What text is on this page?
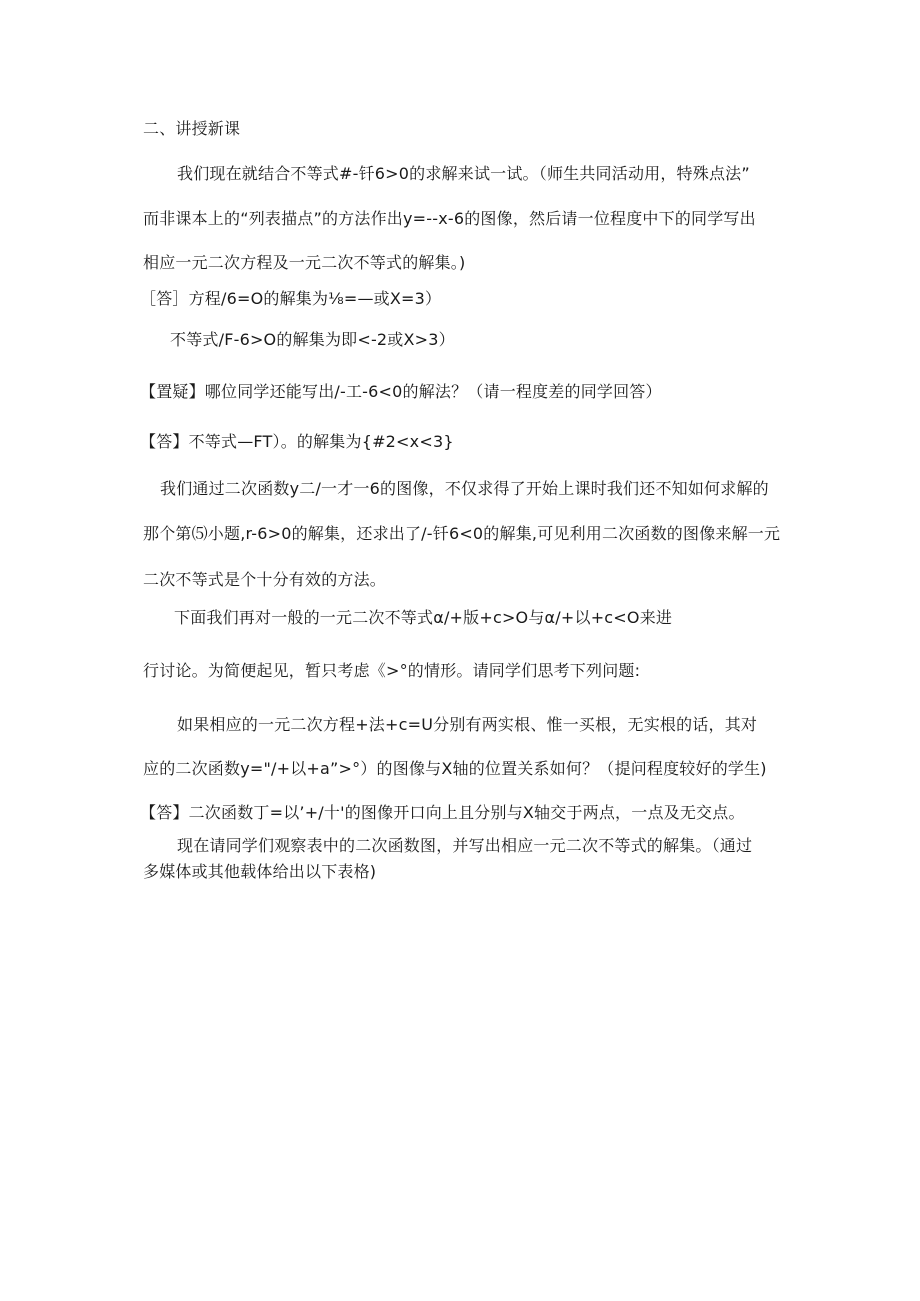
二、讲授新课
我们现在就结合不等式#-钎6>0的求解来试一试。（师生共同活动用，特殊点法”
而非课本上的“列表描点”的方法作出y=--x-6的图像，然后请一位程度中下的同学写出
相应一元二次方程及一元二次不等式的解集。)
［答］方程/6=O的解集为⅛=—或X=3）
不等式/F-6>O的解集为即<-2或X>3）
【置疑】哪位同学还能写出/-工-6<0的解法？（请一程度差的同学回答）
【答】不等式—FT）。的解集为{#2<x<3}
我们通过二次函数y二/一才一6的图像，不仅求得了开始上课时我们还不知如何求解的
那个第⑸小题,r-6>0的解集，还求出了/-钎6<0的解集,可见利用二次函数的图像来解一元
二次不等式是个十分有效的方法。
下面我们再对一般的一元二次不等式α/+版+c>O与α/+以+c<O来进
行讨论。为简便起见，暂只考虑《>°的情形。请同学们思考下列问题:
如果相应的一元二次方程+法+c=U分别有两实根、惟一买根，无实根的话，其对
应的二次函数y="/+以+a”>°）的图像与X轴的位置关系如何？（提问程度较好的学生)
【答】二次函数丁=以’+/十'的图像开口向上且分别与X轴交于两点，一点及无交点。
现在请同学们观察表中的二次函数图，并写出相应一元二次不等式的解集。（通过
多媒体或其他载体给出以下表格)
